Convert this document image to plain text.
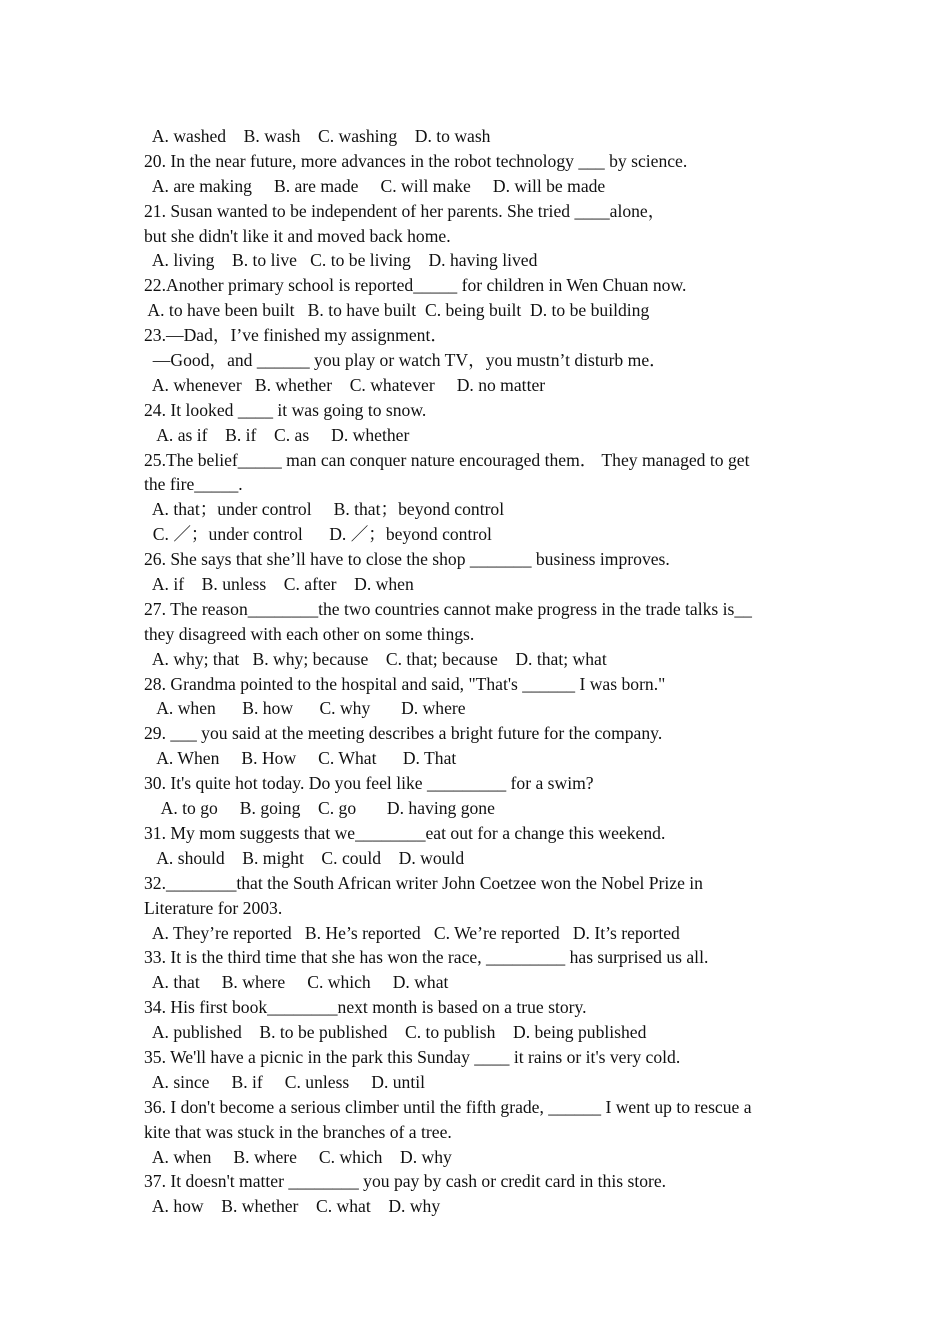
A. washed    B. wash    C. washing    D. to wash
20. In the near future, more advances in the robot technology ___ by science.
A. are making     B. are made     C. will make     D. will be made
21. Susan wanted to be independent of her parents. She tried ____alone，
but she didn't like it and moved back home.
A. living    B. to live   C. to be living    D. having lived
22.Another primary school is reported_____ for children in Wen Chuan now.
A. to have been built   B. to have built  C. being built  D. to be building
23.—Dad，I’ve finished my assignment．
—Good，and ______ you play or watch TV，you mustn’t disturb me．
A. whenever   B. whether    C. whatever     D. no matter
24. It looked ____ it was going to snow.
A. as if    B. if    C. as     D. whether
25.The belief_____ man can conquer nature encouraged them． They managed to get
the fire_____.
A. that；under control     B. that；beyond control
C. ／；under control      D. ／；beyond control
26. She says that she’ll have to close the shop _______ business improves.
A. if    B. unless    C. after    D. when
27. The reason________the two countries cannot make progress in the trade talks is__
they disagreed with each other on some things.
A. why; that   B. why; because    C. that; because    D. that; what
28. Grandma pointed to the hospital and said, "That's ______ I was born."
A. when      B. how      C. why       D. where
29. ___ you said at the meeting describes a bright future for the company.
A. When     B. How     C. What      D. That
30. It's quite hot today. Do you feel like _________ for a swim?
A. to go     B. going    C. go       D. having gone
31. My mom suggests that we________eat out for a change this weekend.
A. should    B. might    C. could    D. would
32.________that the South African writer John Coetzee won the Nobel Prize in
Literature for 2003.
A. They’re reported   B. He’s reported   C. We’re reported   D. It’s reported
33. It is the third time that she has won the race, _________ has surprised us all.
A. that     B. where     C. which     D. what
34. His first book________next month is based on a true story.
A. published    B. to be published    C. to publish    D. being published
35. We'll have a picnic in the park this Sunday ____ it rains or it's very cold.
A. since     B. if     C. unless     D. until
36. I don't become a serious climber until the fifth grade, ______ I went up to rescue a
kite that was stuck in the branches of a tree.
A. when     B. where     C. which    D. why
37. It doesn't matter ________ you pay by cash or credit card in this store.
A. how    B. whether    C. what    D. why
